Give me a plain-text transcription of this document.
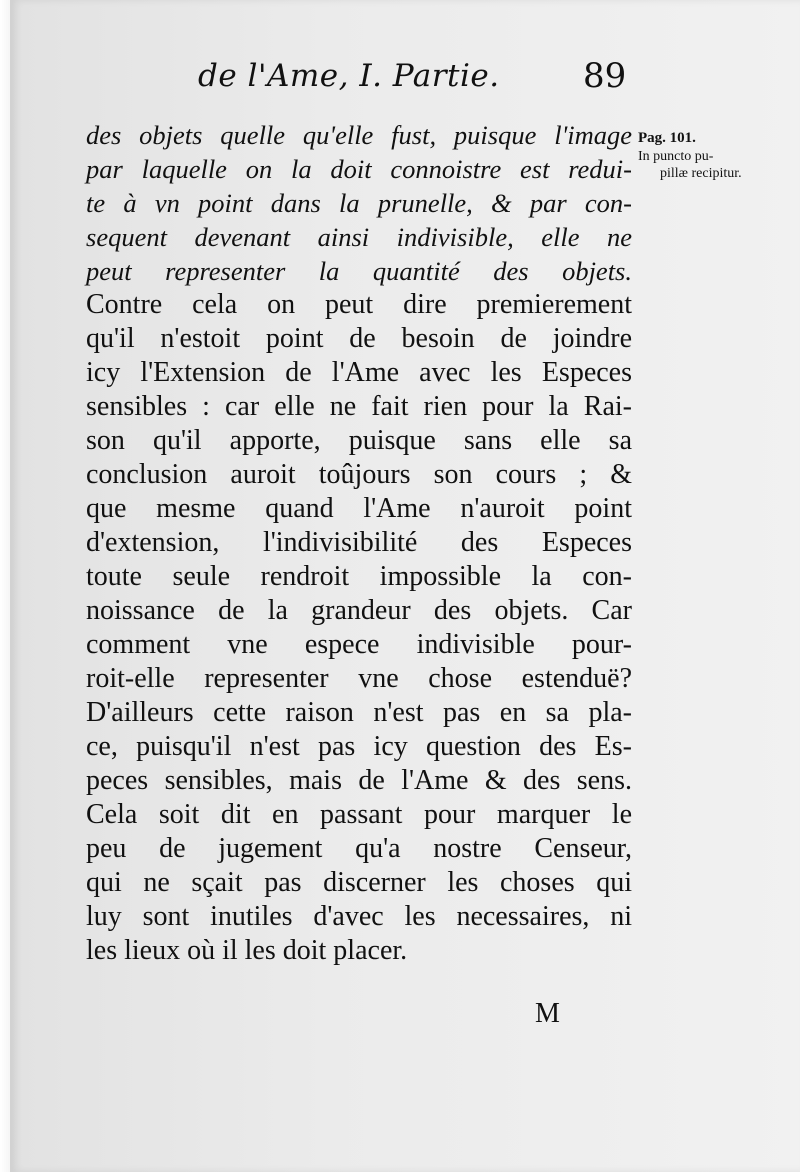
de l'Ame, I. Partie. 89
des objets quelle qu'elle fust, puisque l'image
par laquelle on la doit connoistre est redui-
te à vn point dans la prunelle, & par con-
sequent devenant ainsi indivisible, elle ne
peut representer la quantité des objets.
Contre cela on peut dire premierement
qu'il n'estoit point de besoin de joindre
icy l'Extension de l'Ame avec les Especes
sensibles : car elle ne fait rien pour la Rai-
son qu'il apporte, puisque sans elle sa
conclusion auroit toûjours son cours ; &
que mesme quand l'Ame n'auroit point
d'extension, l'indivisibilité des Especes
toute seule rendroit impossible la con-
noissance de la grandeur des objets. Car
comment vne espece indivisible pour-
roit-elle representer vne chose estenduë?
D'ailleurs cette raison n'est pas en sa pla-
ce, puisqu'il n'est pas icy question des Es-
peces sensibles, mais de l'Ame & des sens.
Cela soit dit en passant pour marquer le
peu de jugement qu'a nostre Censeur,
qui ne sçait pas discerner les choses qui
luy sont inutiles d'avec les necessaires, ni
les lieux où il les doit placer.
Pag. 101.
In puncto pu-
pillæ recipitur.
M
